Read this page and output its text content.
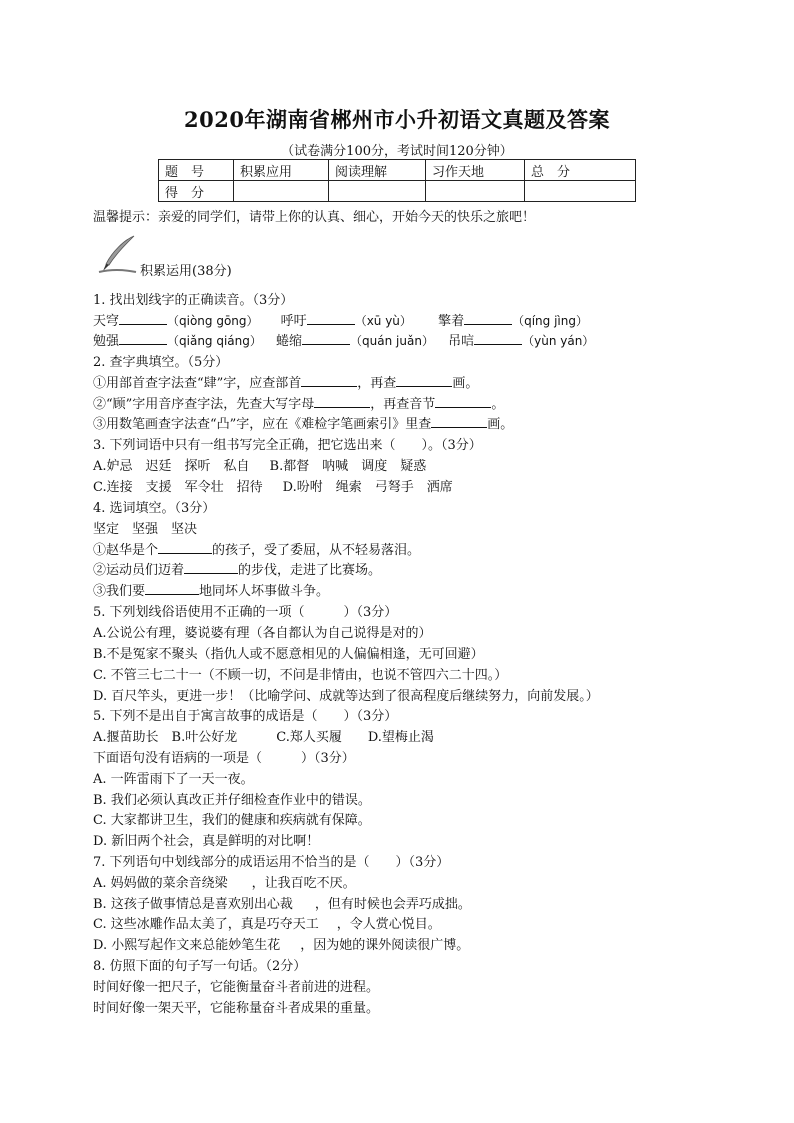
2020年湖南省郴州市小升初语文真题及答案
（试卷满分100分，考试时间120分钟）
题　号	积累应用	阅读理解	习作天地	总　分
得　分				
温馨提示：亲爱的同学们，请带上你的认真、细心，开始今天的快乐之旅吧！
积累运用(38分)
1. 找出划线字的正确读音。（3分）
天穹	（qiòng gōng） 呼吁	（xū yù） 擎着	（qíng jìng）
勉强	（qiǎng qiáng） 蜷缩	（quán juǎn） 吊唁	（yùn yán）
2. 查字典填空。（5分）
①用部首查字法查“肆”字，应查部首	，再查	画。
②“顾”字用音序查字法，先查大写字母	，再查音节	。
③用数笔画查字法查“凸”字，应在《难检字笔画索引》里查	画。
3. 下列词语中只有一组书写完全正确，把它选出来（　　）。（3分）
A.妒忌　迟廷　探听　私自 B.都督　呐喊　调度　疑惑
C.连接　支援　军令壮　招待 D.吩咐　绳索　弓弩手　洒席
4. 选词填空。（3分）
坚定　坚强　坚决
①赵华是个	的孩子，受了委屈，从不轻易落泪。
②运动员们迈着	的步伐，走进了比赛场。
③我们要	地同坏人坏事做斗争。
5. 下列划线俗语使用不正确的一项（　　　）（3分）
A.公说公有理，婆说婆有理（各自都认为自己说得是对的）
B.不是冤家不聚头（指仇人或不愿意相见的人偏偏相逢，无可回避）
C. 不管三七二十一（不顾一切，不问是非情由，也说不管四六二十四。）
D. 百尺竿头，更进一步！（比喻学问、成就等达到了很高程度后继续努力，向前发展。）
5. 下列不是出自于寓言故事的成语是（　　）（3分）
A.揠苗助长　B.叶公好龙　　　C.郑人买履　　D.望梅止渴
下面语句没有语病的一项是（　　　）（3分）
A. 一阵雷雨下了一天一夜。
B. 我们必须认真改正并仔细检查作业中的错误。
C. 大家都讲卫生，我们的健康和疾病就有保障。
D. 新旧两个社会，真是鲜明的对比啊！
7. 下列语句中划线部分的成语运用不恰当的是（　　）（3分）
A. 妈妈做的菜余音绕梁 ，让我百吃不厌。
B. 这孩子做事情总是喜欢别出心裁 ，但有时候也会弄巧成拙。
C. 这些冰雕作品太美了，真是巧夺天工 ，令人赏心悦目。
D. 小熙写起作文来总能妙笔生花 ，因为她的课外阅读很广博。
8. 仿照下面的句子写一句话。（2分）
时间好像一把尺子，它能衡量奋斗者前进的进程。
时间好像一架天平，它能称量奋斗者成果的重量。
